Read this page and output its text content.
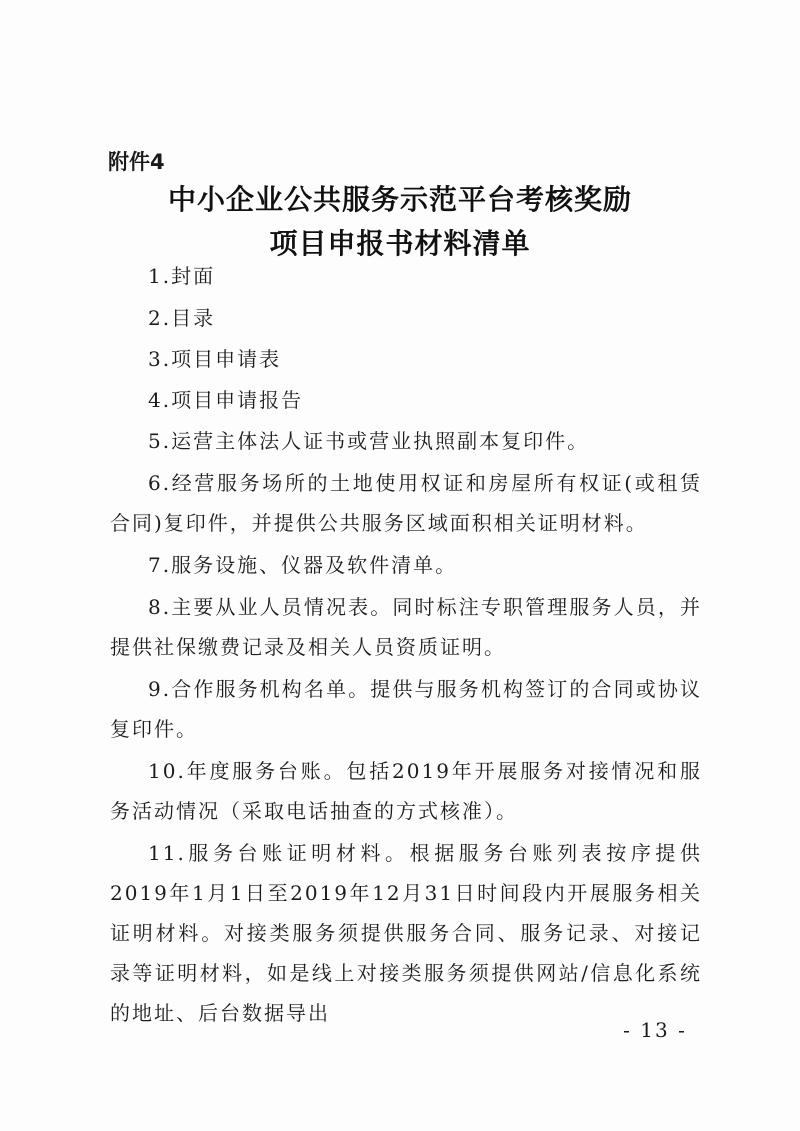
附件4
中小企业公共服务示范平台考核奖励
项目申报书材料清单
1.封面
2.目录
3.项目申请表
4.项目申请报告
5.运营主体法人证书或营业执照副本复印件。
6.经营服务场所的土地使用权证和房屋所有权证(或租赁合同)复印件，并提供公共服务区域面积相关证明材料。
7.服务设施、仪器及软件清单。
8.主要从业人员情况表。同时标注专职管理服务人员，并提供社保缴费记录及相关人员资质证明。
9.合作服务机构名单。提供与服务机构签订的合同或协议复印件。
10.年度服务台账。包括2019年开展服务对接情况和服务活动情况（采取电话抽查的方式核准）。
11.服务台账证明材料。根据服务台账列表按序提供2019年1月1日至2019年12月31日时间段内开展服务相关证明材料。对接类服务须提供服务合同、服务记录、对接记录等证明材料，如是线上对接类服务须提供网站/信息化系统的地址、后台数据导出
- 13 -
